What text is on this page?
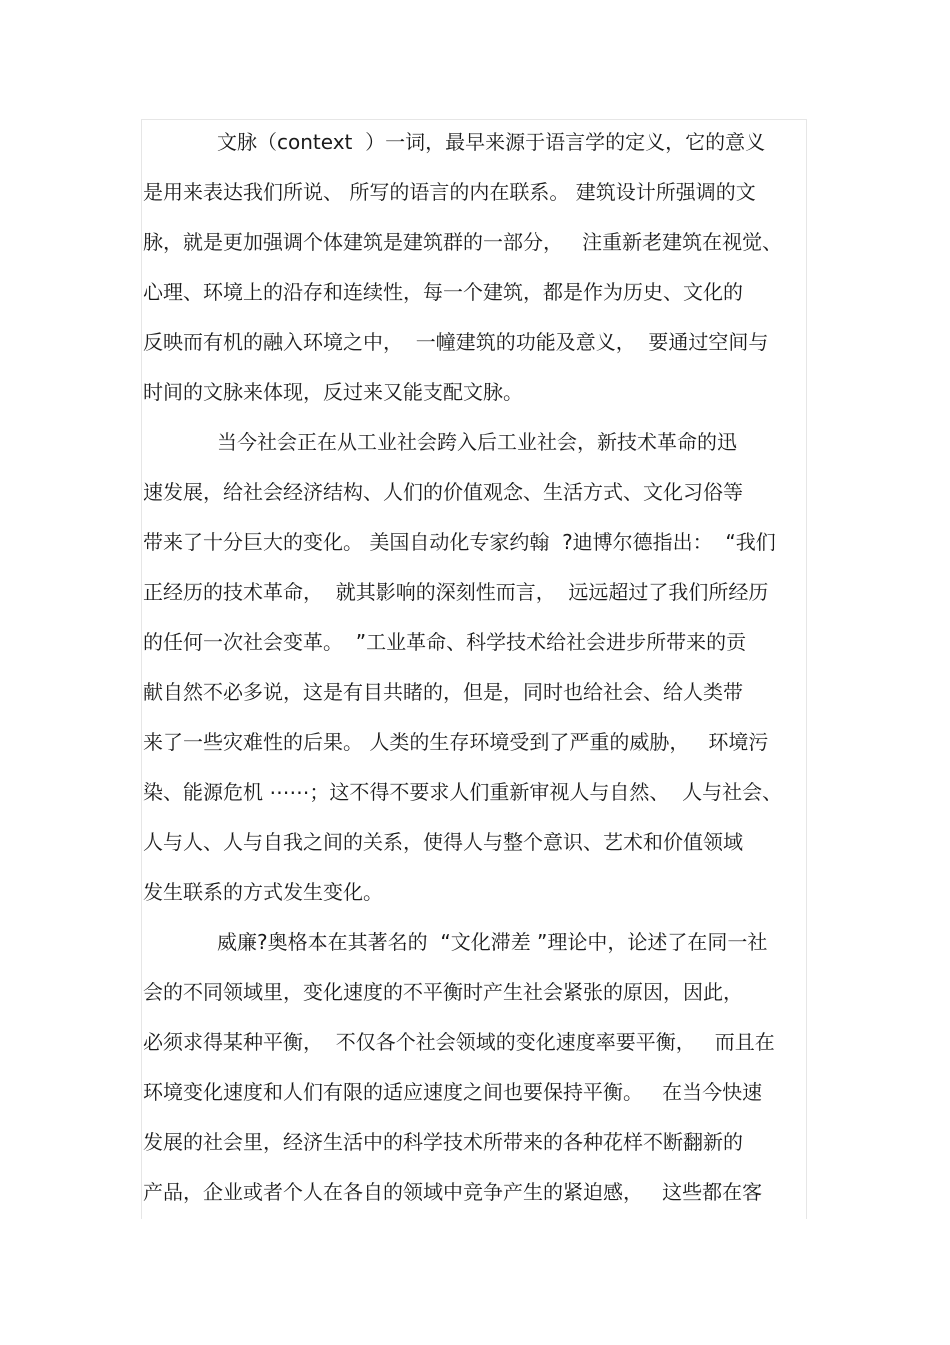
文脉（context  ）一词，最早来源于语言学的定义，它的意义
是用来表达我们所说、 所写的语言的内在联系。 建筑设计所强调的文
脉，就是更加强调个体建筑是建筑群的一部分，   注重新老建筑在视觉、
心理、环境上的沿存和连续性，每一个建筑，都是作为历史、文化的
反映而有机的融入环境之中，  一幢建筑的功能及意义，  要通过空间与
时间的文脉来体现，反过来又能支配文脉。
当今社会正在从工业社会跨入后工业社会，新技术革命的迅
速发展，给社会经济结构、人们的价值观念、生活方式、文化习俗等
带来了十分巨大的变化。 美国自动化专家约翰  ?迪博尔德指出：  “我们
正经历的技术革命，  就其影响的深刻性而言，  远远超过了我们所经历
的任何一次社会变革。  ”工业革命、科学技术给社会进步所带来的贡
献自然不必多说，这是有目共睹的，但是，同时也给社会、给人类带
来了一些灾难性的后果。 人类的生存环境受到了严重的威胁，   环境污
染、能源危机 ⋯⋯；这不得不要求人们重新审视人与自然、  人与社会、
人与人、人与自我之间的关系，使得人与整个意识、艺术和价值领域
发生联系的方式发生变化。
威廉?奥格本在其著名的  “文化滞差 ”理论中，论述了在同一社
会的不同领域里，变化速度的不平衡时产生社会紧张的原因，因此，
必须求得某种平衡，  不仅各个社会领域的变化速度率要平衡，   而且在
环境变化速度和人们有限的适应速度之间也要保持平衡。   在当今快速
发展的社会里，经济生活中的科学技术所带来的各种花样不断翻新的
产品，企业或者个人在各自的领域中竞争产生的紧迫感，   这些都在客
